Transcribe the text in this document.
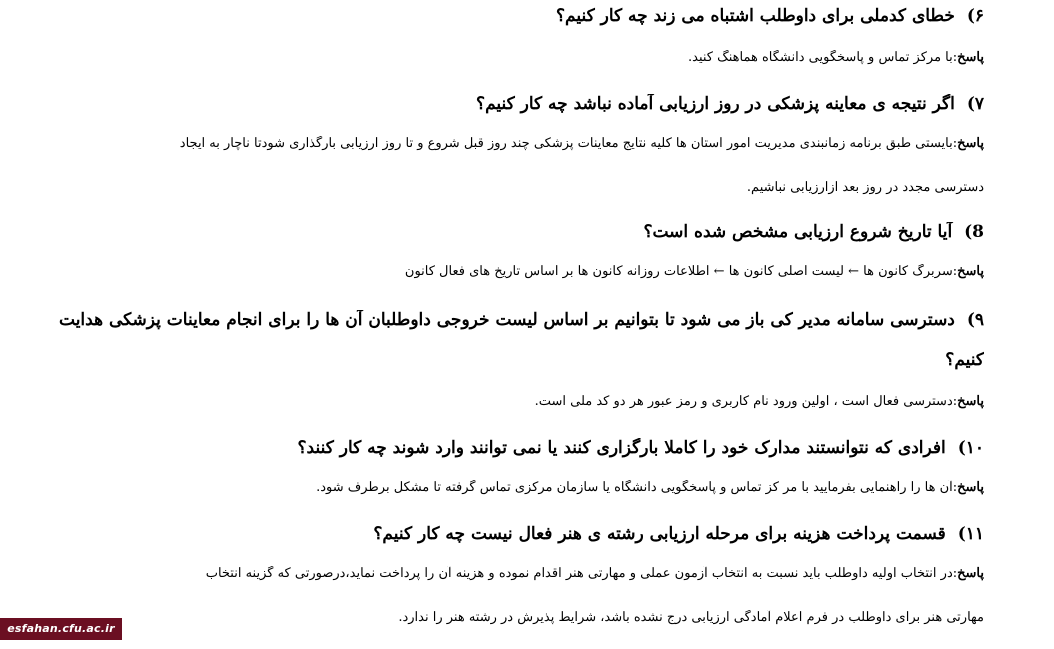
۶) خطای کدملی برای داوطلب اشتباه می زند چه کار کنیم؟
پاسخ:با مرکز تماس و پاسخگویی دانشگاه هماهنگ کنید.
۷) اگر نتیجه ی معاینه پزشکی در روز ارزیابی آماده نباشد چه کار کنیم؟
پاسخ:بایستی طبق برنامه زمانبندی مدیریت امور استان ها کلیه نتایج معاینات پزشکی چند روز قبل شروع و تا روز ارزیابی بارگذاری شودتا ناچار به ایجاد
دسترسی مجدد در روز بعد ازارزیابی نباشیم.
8) آیا تاریخ شروع ارزیابی مشخص شده است؟
پاسخ:سربرگ کانون ها ← لیست اصلی کانون ها ← اطلاعات روزانه کانون ها بر اساس تاریخ های فعال کانون
۹) دسترسی سامانه مدیر کی باز می شود تا بتوانیم بر اساس لیست خروجی داوطلبان آن ها را برای انجام معاینات پزشکی هدایت
کنیم؟
پاسخ:دسترسی فعال است ، اولین ورود نام کاربری و رمز عبور هر دو کد ملی است.
۱۰) افرادی که نتوانستند مدارک خود را کاملا بارگزاری کنند یا نمی توانند وارد شوند چه کار کنند؟
پاسخ:آن ها را راهنمایی بفرمایید با مر کز تماس و پاسخگویی دانشگاه یا سازمان مرکزی تماس گرفته تا مشکل برطرف شود.
۱۱) قسمت پرداخت هزینه برای مرحله ارزیابی رشته ی هنر فعال نیست چه کار کنیم؟
پاسخ:در انتخاب اولیه داوطلب باید نسبت به انتخاب آزمون عملی و مهارتی هنر اقدام نموده و هزینه آن را پرداخت نماید،درصورتی که گزینه انتخاب
مهارتی هنر برای داوطلب در فرم اعلام آمادگی ارزیابی درج نشده باشد، شرایط پذیرش در رشته هنر را ندارد.
esfahan.cfu.ac.ir
